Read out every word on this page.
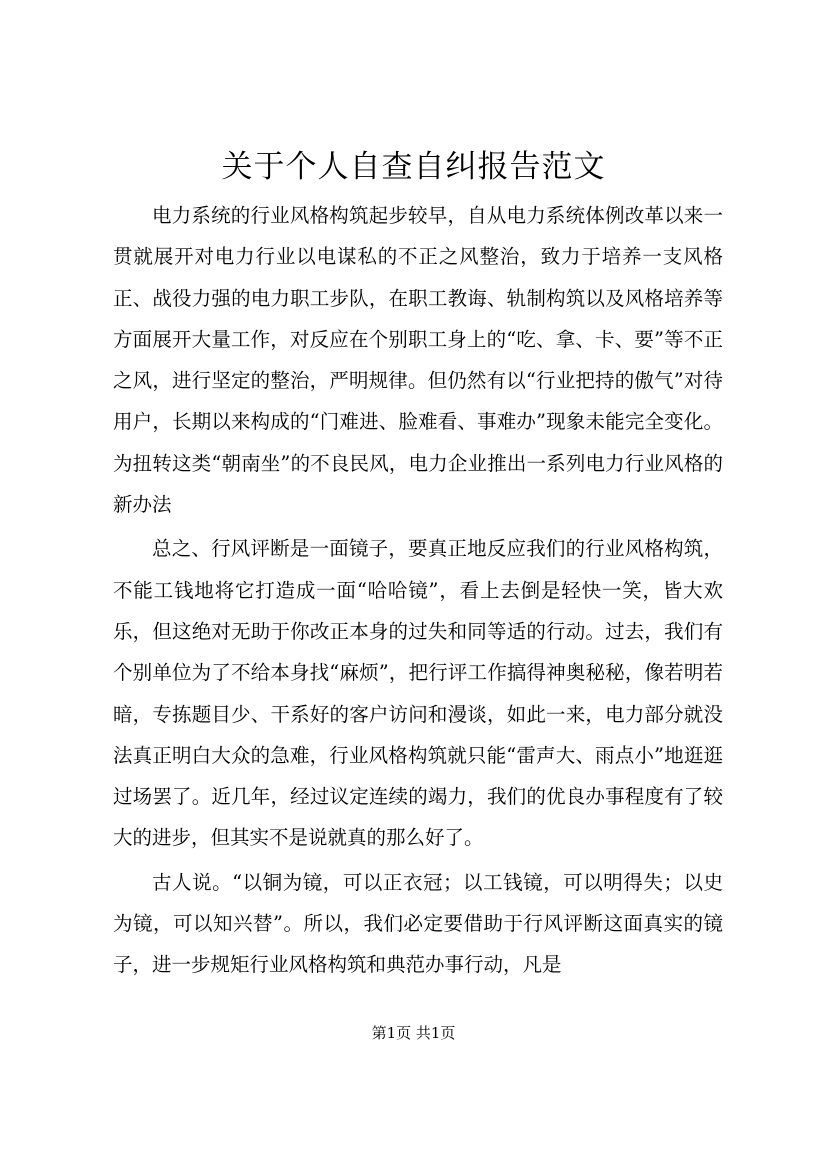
关于个人自查自纠报告范文

电力系统的行业风格构筑起步较早，自从电力系统体例改革以来一贯就展开对电力行业以电谋私的不正之风整治，致力于培养一支风格正、战役力强的电力职工步队，在职工教诲、轨制构筑以及风格培养等方面展开大量工作，对反应在个别职工身上的“吃、拿、卡、要”等不正之风，进行坚定的整治，严明规律。但仍然有以“行业把持的傲气”对待用户，长期以来构成的“门难进、脸难看、事难办”现象未能完全变化。为扭转这类“朝南坐”的不良民风，电力企业推出一系列电力行业风格的新办法

总之、行风评断是一面镜子，要真正地反应我们的行业风格构筑，不能工钱地将它打造成一面“哈哈镜”，看上去倒是轻快一笑，皆大欢乐，但这绝对无助于你改正本身的过失和同等适的行动。过去，我们有个别单位为了不给本身找“麻烦”，把行评工作搞得神奥秘秘，像若明若暗，专拣题目少、干系好的客户访问和漫谈，如此一来，电力部分就没法真正明白大众的急难，行业风格构筑就只能“雷声大、雨点小”地逛逛过场罢了。近几年，经过议定连续的竭力，我们的优良办事程度有了较大的进步，但其实不是说就真的那么好了。

古人说。“以铜为镜，可以正衣冠；以工钱镜，可以明得失；以史为镜，可以知兴替”。所以，我们必定要借助于行风评断这面真实的镜子，进一步规矩行业风格构筑和典范办事行动，凡是

第1页 共1页
